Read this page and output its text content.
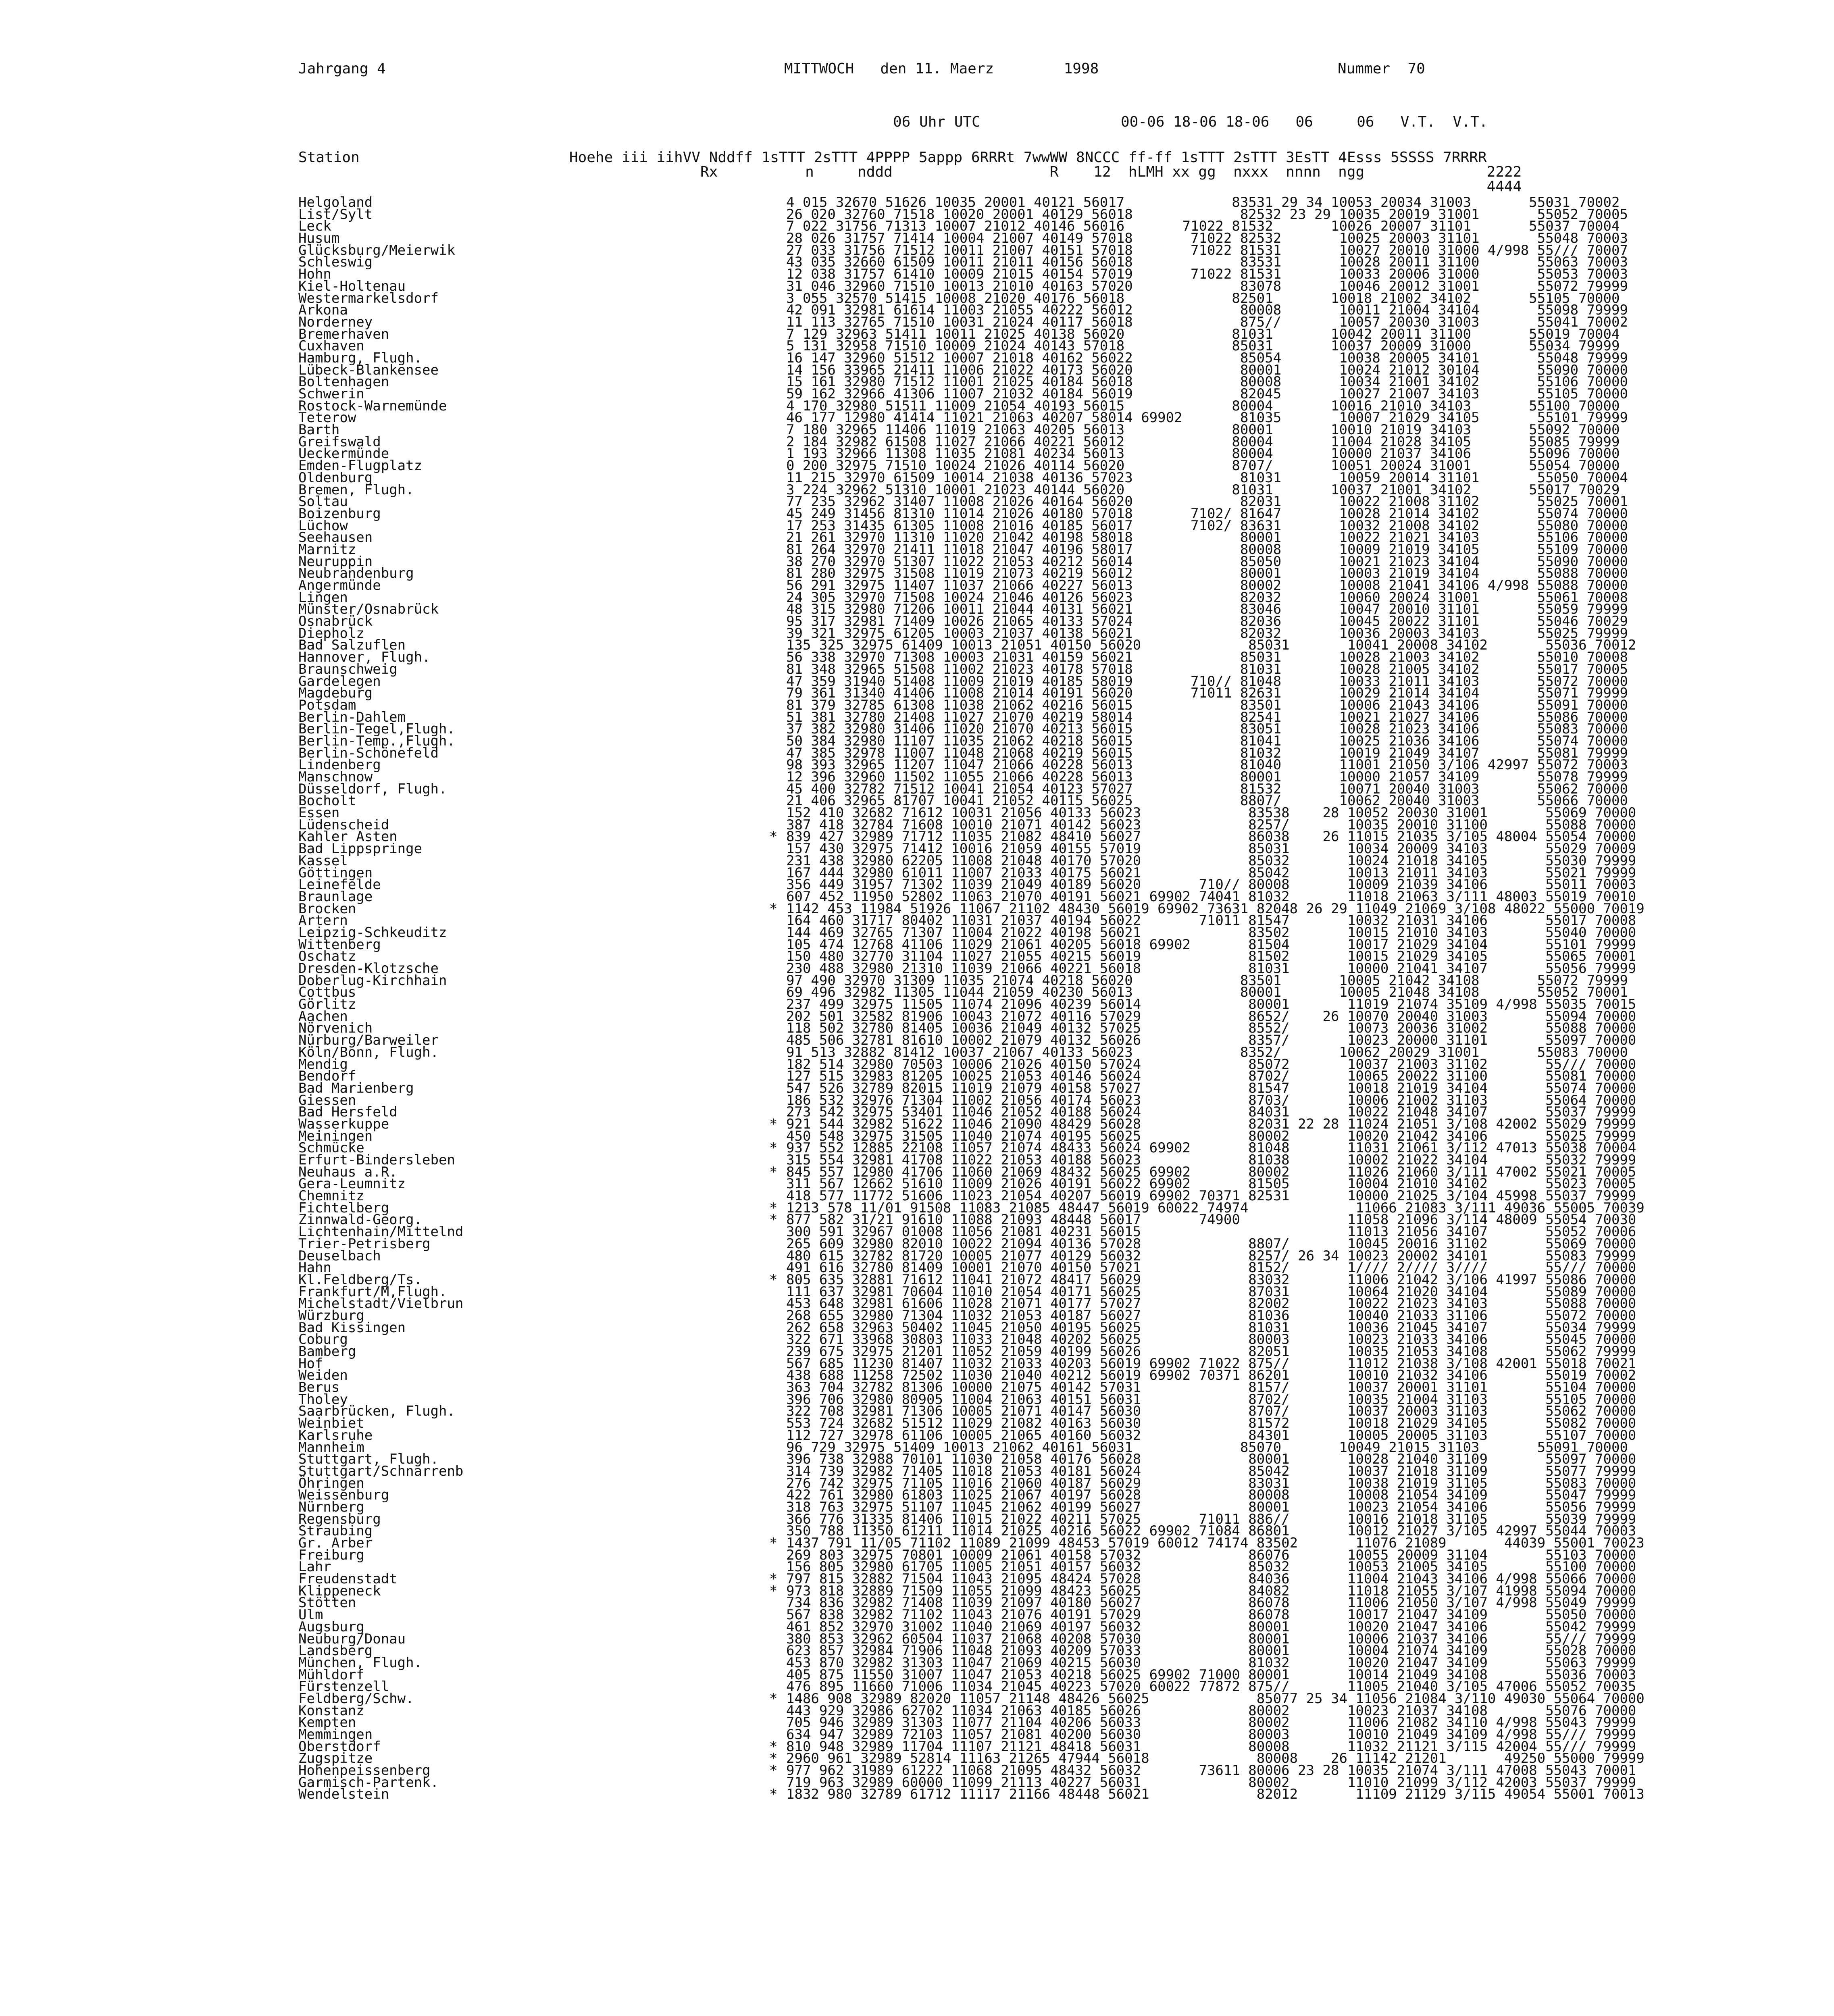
Jahrgang 4	MITTWOCH   den 11. Maerz        1998	Nummer  70
06 Uhr UTC	00-06 18-06 18-06   06     06   V.T.  V.T.
Station                        Hoehe iii iihVV Nddff 1sTTT 2sTTT 4PPPP 5appp 6RRRt 7wwWW 8NCCC ff-ff 1sTTT 2sTTT 3EsTT 4Esss 5SSSS 7RRRR
Rx          n     nddd                  R    12  hLMH xx gg  nxxx  nnnn  ngg              2222
4444
Helgoland	4 015 32670 51626 10035 20001 40121 56017             83531 29 34 10053 20034 31003       55031 70002
List/Sylt	26 020 32760 71518 10020 20001 40129 56018             82532 23 29 10035 20019 31001       55052 70005
Leck	7 022 31756 71313 10007 21012 40146 56016       71022 81532       10026 20007 31101       55037 70004
Husum	28 026 31757 71414 10004 21007 40149 57018       71022 82532       10025 20003 31101       55048 70003
Glücksburg/Meierwik	27 033 31756 71512 10011 21007 40151 57018       71022 81531       10027 20010 31000 4/998 55/// 70007
Schleswig	43 035 32660 61509 10011 21011 40156 56018             83531       10028 20011 31100       55063 70003
Hohn	12 038 31757 61410 10009 21015 40154 57019       71022 81531       10033 20006 31000       55053 70003
Kiel-Holtenau	31 046 32960 71510 10013 21010 40163 57020             83078       10046 20012 31001       55072 79999
Westermarkelsdorf	3 055 32570 51415 10008 21020 40176 56018             82501       10018 21002 34102       55105 70000
Arkona	42 091 32981 61614 11003 21055 40222 56012             80008       10011 21004 34104       55098 79999
Norderney	11 113 32765 71510 10031 21024 40117 56018             875//       10057 20030 31003       55041 70002
Bremerhaven	7 129 32963 51411 10011 21025 40138 56020             81031       10042 20011 31100       55019 70004
Cuxhaven	5 131 32958 71510 10009 21024 40143 57018             85031       10037 20009 31000       55034 79999
Hamburg, Flugh.	16 147 32960 51512 10007 21018 40162 56022             85054       10038 20005 34101       55048 79999
Lübeck-Blankensee	14 156 33965 21411 11006 21022 40173 56020             80001       10024 21012 30104       55090 70000
Boltenhagen	15 161 32980 71512 11001 21025 40184 56018             80008       10034 21001 34102       55106 70000
Schwerin	59 162 32966 41306 11007 21032 40184 56019             82045       10027 21007 34103       55105 70000
Rostock-Warnemünde	4 170 32980 51511 11009 21054 40193 56015             80004       10016 21010 34103       55100 70000
Teterow	46 177 12980 41414 11021 21063 40207 58014 69902       81035       10007 21029 34105       55101 79999
Barth	7 180 32965 11406 11019 21063 40205 56013             80001       10010 21019 34103       55092 70000
Greifswald	2 184 32982 61508 11027 21066 40221 56012             80004       11004 21028 34105       55085 79999
Ueckermünde	1 193 32966 11308 11035 21081 40234 56013             80004       10000 21037 34106       55096 70000
Emden-Flugplatz	0 200 32975 71510 10024 21026 40114 56020             8707/       10051 20024 31001       55054 70000
Oldenburg	11 215 32970 61509 10014 21038 40136 57023             81031       10059 20014 31101       55050 70004
Bremen, Flugh.	3 224 32962 51310 10001 21023 40144 56020             81031       10037 21001 34102       55017 70029
Soltau	77 235 32962 31407 11008 21026 40164 56020             82031       10022 21008 31102       55025 70001
Boizenburg	45 249 31456 81310 11014 21026 40180 57018       7102/ 81647       10028 21014 34102       55074 70000
Lüchow	17 253 31435 61305 11008 21016 40185 56017       7102/ 83631       10032 21008 34102       55080 70000
Seehausen	21 261 32970 11310 11020 21042 40198 58018             80001       10022 21021 34103       55106 70000
Marnitz	81 264 32970 21411 11018 21047 40196 58017             80008       10009 21019 34105       55109 70000
Neuruppin	38 270 32970 51307 11022 21053 40212 56014             85050       10021 21023 34104       55090 70000
Neubrandenburg	81 280 32975 31508 11019 21073 40219 56012             80001       10003 21019 34104       55088 70000
Angermünde	56 291 32975 11407 11037 21066 40227 56013             80002       10008 21041 34106 4/998 55088 70000
Lingen	24 305 32970 71508 10024 21046 40126 56023             82032       10060 20024 31001       55061 70008
Münster/Osnabrück	48 315 32980 71206 10011 21044 40131 56021             83046       10047 20010 31101       55059 79999
Osnabrück	95 317 32981 71409 10026 21065 40133 57024             82036       10045 20022 31101       55046 70029
Diepholz	39 321 32975 61205 10003 21037 40138 56021             82032       10036 20003 34103       55025 79999
Bad Salzuflen	135 325 32975 61409 10013 21051 40150 56020             85031       10041 20008 34102       55036 70012
Hannover, Flugh.	56 338 32970 71308 10003 21031 40159 56021             85031       10028 21003 34102       55010 70008
Braunschweig	81 348 32965 51508 11002 21023 40178 57018             81031       10028 21005 34102       55017 70005
Gardelegen	47 359 31940 51408 11009 21019 40185 58019       710// 81048       10033 21011 34103       55072 70000
Magdeburg	79 361 31340 41406 11008 21014 40191 56020       71011 82631       10029 21014 34104       55071 79999
Potsdam	81 379 32785 61308 11038 21062 40216 56015             83501       10006 21043 34106       55091 70000
Berlin-Dahlem	51 381 32780 21408 11027 21070 40219 58014             82541       10021 21027 34106       55086 70000
Berlin-Tegel,Flugh.	37 382 32980 31406 11020 21070 40213 56015             83051       10028 21023 34106       55083 70000
Berlin-Temp.,Flugh.	50 384 32980 11107 11035 21062 40218 56015             81041       10025 21036 34106       55074 70000
Berlin-Schönefeld	47 385 32978 11007 11048 21068 40219 56015             81032       10019 21049 34107       55081 79999
Lindenberg	98 393 32965 11207 11047 21066 40228 56013             81040       11001 21050 3/106 42997 55072 70003
Manschnow	12 396 32960 11502 11055 21066 40228 56013             80001       10000 21057 34109       55078 79999
Düsseldorf, Flugh.	45 400 32782 71512 10041 21054 40123 57027             81532       10071 20040 31003       55062 70000
Bocholt	21 406 32965 81707 10041 21052 40115 56025             8807/       10062 20040 31003       55066 70000
Essen	152 410 32682 71612 10031 21056 40133 56023             83538    28 10052 20030 31001       55069 70000
Lüdenscheid	387 418 32784 71608 10010 21071 40142 56023             8257/       10035 20010 31100       55088 70000
Kahler Asten	* 839 427 32989 71712 11035 21082 48410 56027             86038    26 11015 21035 3/105 48004 55054 70000
Bad Lippspringe	157 430 32975 71412 10016 21059 40155 57019             85031       10034 20009 34103       55029 70009
Kassel	231 438 32980 62205 11008 21048 40170 57020             85032       10024 21018 34105       55030 79999
Göttingen	167 444 32980 61011 11007 21033 40175 56021             85042       10013 21011 34103       55021 79999
Leinefelde	356 449 31957 71302 11039 21049 40189 56020       710// 80008       10009 21039 34106       55011 70003
Braunlage	607 452 11950 52802 11063 21070 40191 56021 69902 74041 81032       11018 21063 3/111 48003 55019 70010
Brocken	* 1142 453 11984 51926 11067 21102 48430 56019 69902 73631 82048 26 29 11049 21069 3/108 48022 55000 70019
Artern	164 460 31717 80402 11031 21037 40194 56022       71011 81547       10032 21031 34106       55017 70008
Leipzig-Schkeuditz	144 469 32765 71307 11004 21022 40198 56021             83502       10015 21010 34103       55040 70000
Wittenberg	105 474 12768 41106 11029 21061 40205 56018 69902       81504       10017 21029 34104       55101 79999
Oschatz	150 480 32770 31104 11027 21055 40215 56019             81502       10015 21029 34105       55065 70001
Dresden-Klotzsche	230 488 32980 21310 11039 21066 40221 56018             81031       10000 21041 34107       55056 79999
Doberlug-Kirchhain	97 490 32970 31309 11035 21074 40218 56020             83501       10005 21042 34108       55072 79999
Cottbus	69 496 32982 11305 11044 21059 40230 56013             80001       10005 21048 34108       55052 70001
Görlitz	237 499 32975 11505 11074 21096 40239 56014             80001       11019 21074 35109 4/998 55035 70015
Aachen	202 501 32582 81906 10043 21072 40116 57029             8652/    26 10070 20040 31003       55094 70000
Nörvenich	118 502 32780 81405 10036 21049 40132 57025             8552/       10073 20036 31002       55088 70000
Nürburg/Barweiler	485 506 32781 81610 10002 21079 40132 56026             8357/       10023 20000 31101       55097 70000
Köln/Bonn, Flugh.	91 513 32882 81412 10037 21067 40133 56023             8352/       10062 20029 31001       55083 70000
Mendig	182 514 32980 70503 10006 21026 40150 57024             85072       10037 21003 31102       55/// 70000
Bendorf	127 515 32983 81205 10025 21053 40146 56024             8702/       10065 20022 31100       55081 70000
Bad Marienberg	547 526 32789 82015 11019 21079 40158 57027             81547       10018 21019 34104       55074 70000
Giessen	186 532 32976 71304 11002 21056 40174 56023             8703/       10006 21002 31103       55064 70000
Bad Hersfeld	273 542 32975 53401 11046 21052 40188 56024             84031       10022 21048 34107       55037 79999
Wasserkuppe	* 921 544 32982 51622 11046 21090 48429 56028             82031 22 28 11024 21051 3/108 42002 55029 79999
Meiningen	450 548 32975 31505 11040 21074 40195 56025             80002       10020 21042 34106       55025 79999
Schmücke	* 937 552 12885 22108 11057 21074 48433 56024 69902       81048       11031 21061 3/112 47013 55038 70004
Erfurt-Bindersleben	315 554 32981 41708 11022 21053 40188 56023             81038       10002 21022 34104       55032 79999
Neuhaus a.R.	* 845 557 12980 41706 11060 21069 48432 56025 69902       80002       11026 21060 3/111 47002 55021 70005
Gera-Leumnitz	311 567 12662 51610 11009 21026 40191 56022 69902       81505       10004 21010 34102       55023 70005
Chemnitz	418 577 11772 51606 11023 21054 40207 56019 69902 70371 82531       10000 21025 3/104 45998 55037 79999
Fichtelberg	* 1213 578 11/01 91508 11083 21085 48447 56019 60022 74974             11066 21083 3/111 49036 55005 70039
Zinnwald-Georg.	* 877 582 31/21 91610 11088 21093 48448 56017       74900             11058 21096 3/114 48009 55054 70030
Lichtenhain/Mittelnd	300 591 32967 01008 11056 21081 40231 56015                         11013 21056 34107       55052 70006
Trier-Petrisberg	265 609 32980 82010 10022 21094 40136 57028             8807/       10045 20016 31102       55069 70000
Deuselbach	480 615 32782 81720 10005 21077 40129 56032             8257/ 26 34 10023 20002 34101       55083 79999
Hahn	491 616 32780 81409 10001 21070 40150 57021             8152/       1//// 2//// 3////       55/// 70000
Kl.Feldberg/Ts.	* 805 635 32881 71612 11041 21072 48417 56029             83032       11006 21042 3/106 41997 55086 70000
Frankfurt/M,Flugh.	111 637 32981 70604 11010 21054 40171 56025             87031       10064 21020 34104       55089 70000
Michelstadt/Vielbrun	453 648 32981 61606 11028 21071 40177 57027             82002       10022 21023 34103       55088 70000
Würzburg	268 655 32980 71304 11032 21053 40187 56027             81036       10040 21033 31106       55072 70000
Bad Kissingen	262 658 32963 50402 11045 21050 40195 56025             81031       10036 21045 34107       55034 79999
Coburg	322 671 33968 30803 11033 21048 40202 56025             80003       10023 21033 34106       55045 70000
Bamberg	239 675 32975 21201 11052 21059 40199 56026             82051       10035 21053 34108       55062 79999
Hof	567 685 11230 81407 11032 21033 40203 56019 69902 71022 875//       11012 21038 3/108 42001 55018 70021
Weiden	438 688 11258 72502 11030 21040 40212 56019 69902 70371 86201       10010 21032 34106       55019 70002
Berus	363 704 32782 81306 10000 21075 40142 57031             8157/       10037 20001 31101       55104 70000
Tholey	396 706 32980 80905 11004 21063 40151 56031             8702/       10035 21004 31103       55105 70000
Saarbrücken, Flugh.	322 708 32981 71306 10005 21071 40147 56030             8707/       10037 20003 31103       55062 70000
Weinbiet	553 724 32682 51512 11029 21082 40163 56030             81572       10018 21029 34105       55082 70000
Karlsruhe	112 727 32978 61106 10005 21065 40160 56032             84301       10005 20005 31103       55107 70000
Mannheim	96 729 32975 51409 10013 21062 40161 56031             85070       10049 21015 31103       55091 70000
Stuttgart, Flugh.	396 738 32988 70101 11030 21058 40176 56028             80001       10028 21040 31109       55097 70000
Stuttgart/Schnarrenb	314 739 32982 71405 11018 21053 40181 56024             85042       10037 21018 31109       55077 79999
Öhringen	276 742 32975 71105 11016 21060 40187 56029             83031       10038 21019 31105       55083 70000
Weissenburg	422 761 32980 61803 11025 21067 40197 56028             80008       10008 21054 34109       55047 79999
Nürnberg	318 763 32975 51107 11045 21062 40199 56027             80001       10023 21054 34106       55056 79999
Regensburg	366 776 31335 81406 11015 21022 40211 57025       71011 886//       10016 21018 31105       55039 79999
Straubing	350 788 11350 61211 11014 21025 40216 56022 69902 71084 86801       10012 21027 3/105 42997 55044 70003
Gr. Arber	* 1437 791 11/05 71102 11089 21099 48453 57019 60012 74174 83502       11076 21089       44039 55001 70023
Freiburg	269 803 32975 70801 10009 21061 40158 57032             86076       10055 20009 31104       55103 70000
Lahr	156 805 32980 61705 11005 21051 40157 56032             85032       10053 21005 34105       55100 70000
Freudenstadt	* 797 815 32882 71504 11043 21095 48424 57028             84036       11004 21043 34106 4/998 55066 70000
Klippeneck	* 973 818 32889 71509 11055 21099 48423 56025             84082       11018 21055 3/107 41998 55094 70000
Stötten	734 836 32982 71408 11039 21097 40180 56027             86078       11006 21050 3/107 4/998 55049 79999
Ulm	567 838 32982 71102 11043 21076 40191 57029             86078       10017 21047 34109       55050 70000
Augsburg	461 852 32970 31002 11040 21069 40197 56032             80001       10020 21047 34106       55042 79999
Neuburg/Donau	380 853 32962 60504 11037 21068 40208 57030             80001       10006 21037 34106       55/// 79999
Landsberg	623 857 32984 71906 11048 21093 40209 57033             80001       10004 21074 34109       55028 70000
München, Flugh.	453 870 32982 31303 11047 21069 40215 56030             81032       10020 21047 34109       55063 79999
Mühldorf	405 875 11550 31007 11047 21053 40218 56025 69902 71000 80001       10014 21049 34108       55036 70003
Fürstenzell	476 895 11660 71006 11034 21045 40223 57020 60022 77872 875//       11005 21040 3/105 47006 55052 70035
Feldberg/Schw.	* 1486 908 32989 82020 11057 21148 48426 56025             85077 25 34 11056 21084 3/110 49030 55064 70000
Konstanz	443 929 32986 62702 11034 21063 40185 56026             80002       10023 21037 34108       55076 70000
Kempten	705 946 32989 31303 11077 21104 40206 56033             80002       11006 21082 34110 4/998 55043 79999
Memmingen	634 947 32989 72103 11057 21081 40200 56030             80003       10010 21049 34109 4/998 55/// 79999
Oberstdorf	* 810 948 32989 11704 11107 21121 48418 56031             80008       11032 21121 3/115 42004 55/// 79999
Zugspitze	* 2960 961 32989 52814 11163 21265 47944 56018             80008    26 11142 21201       49250 55000 79999
Hohenpeissenberg	* 977 962 31989 61222 11068 21095 48432 56032       73611 80006 23 28 10035 21074 3/111 47008 55043 70001
Garmisch-Partenk.	719 963 32989 60000 11099 21113 40227 56031             80002       11010 21099 3/112 42003 55037 79999
Wendelstein	* 1832 980 32789 61712 11117 21166 48448 56021             82012       11109 21129 3/115 49054 55001 70013
